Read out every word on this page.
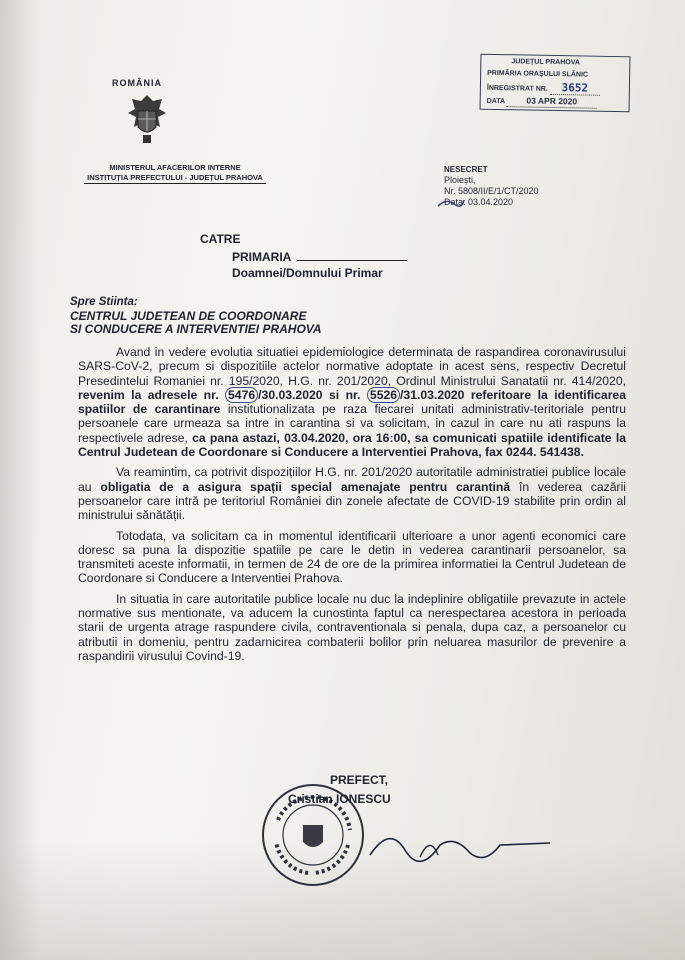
ROMÂNIA
MINISTERUL AFACERILOR INTERNE
INSTITUȚIA PREFECTULUI - JUDEȚUL PRAHOVA
JUDEȚUL PRAHOVA
PRIMĂRIA ORAȘULUI SLĂNIC
ÎNREGISTRAT NR. 3652
DATA	03 APR 2020
NESECRET
Ploiești,
Nr. 5808/II/E/1/CT/2020
Data: 03.04.2020
CATRE
PRIMARIA
Doamnei/Domnului Primar
Spre Stiinta:
CENTRUL JUDETEAN DE COORDONARE
SI CONDUCERE A INTERVENTIEI PRAHOVA

Avand in vedere evolutia situatiei epidemiologice determinata de raspandirea coronavirusului SARS-CoV-2, precum si dispozitiile actelor normative adoptate in acest sens, respectiv Decretul Presedintelui Romaniei nr. 195/2020, H.G. nr. 201/2020, Ordinul Ministrului Sanatatii nr. 414/2020, revenim la adresele nr. 5476 /30.03.2020 si nr. 5526 /31.03.2020 referitoare la identificarea spatiilor de carantinare institutionalizata pe raza fiecarei unitati administrativ-teritoriale pentru persoanele care urmeaza sa intre in carantina si va solicitam, in cazul in care nu ati raspuns la respectivele adrese, ca pana astazi, 03.04.2020, ora 16:00, sa comunicati spatiile identificate la Centrul Judetean de Coordonare si Conducere a Interventiei Prahova, fax 0244. 541438.

Va reamintim, ca potrivit dispozițiilor H.G. nr. 201/2020 autoritatile administratiei publice locale au obligatia de a asigura spații special amenajate pentru carantină în vederea cazării persoanelor care intră pe teritoriul României din zonele afectate de COVID-19 stabilite prin ordin al ministrului sănătății.

Totodata, va solicitam ca in momentul identificarii ulterioare a unor agenti economici care doresc sa puna la dispozitie spatiile pe care le detin in vederea carantinarii persoanelor, sa transmiteti aceste informatii, in termen de 24 de ore de la primirea informatiei la Centrul Judetean de Coordonare si Conducere a Interventiei Prahova.

In situatia in care autoritatile publice locale nu duc la indeplinire obligatiile prevazute in actele normative sus mentionate, va aducem la cunostinta faptul ca nerespectarea acestora in perioada starii de urgenta atrage raspundere civila, contraventionala si penala, dupa caz, a persoanelor cu atributii in domeniu, pentru zadarnicirea combaterii bolilor prin neluarea masurilor de prevenire a raspandirii virusului Covind-19.

PREFECT,
Cristian IONESCU
